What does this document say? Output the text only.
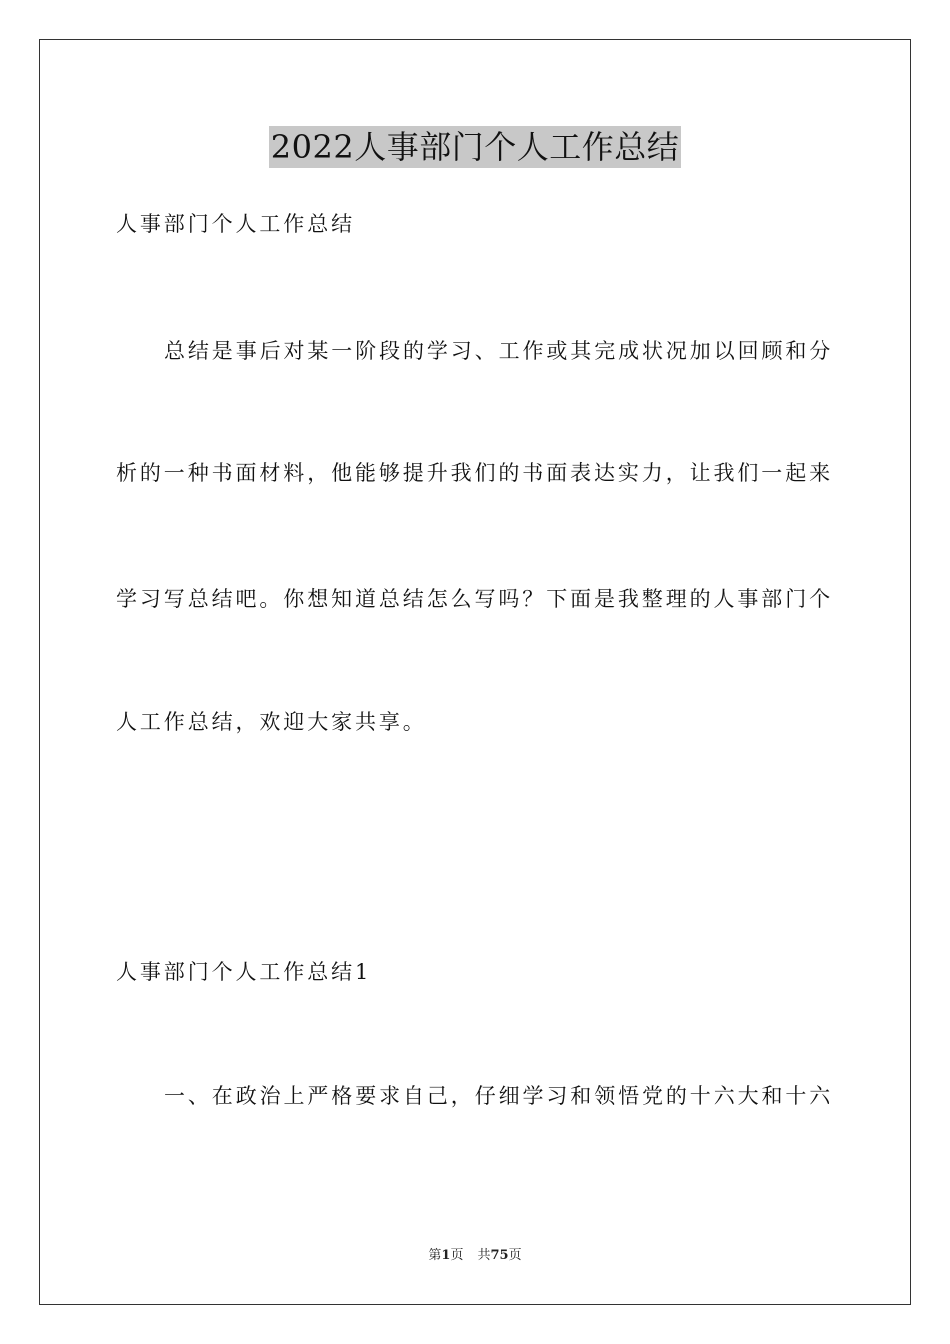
2022人事部门个人工作总结
人事部门个人工作总结
总结是事后对某一阶段的学习、工作或其完成状况加以回顾和分
析的一种书面材料，他能够提升我们的书面表达实力，让我们一起来
学习写总结吧。你想知道总结怎么写吗？下面是我整理的人事部门个
人工作总结，欢迎大家共享。
人事部门个人工作总结1
一、在政治上严格要求自己，仔细学习和领悟党的十六大和十六
第1页 共75页
